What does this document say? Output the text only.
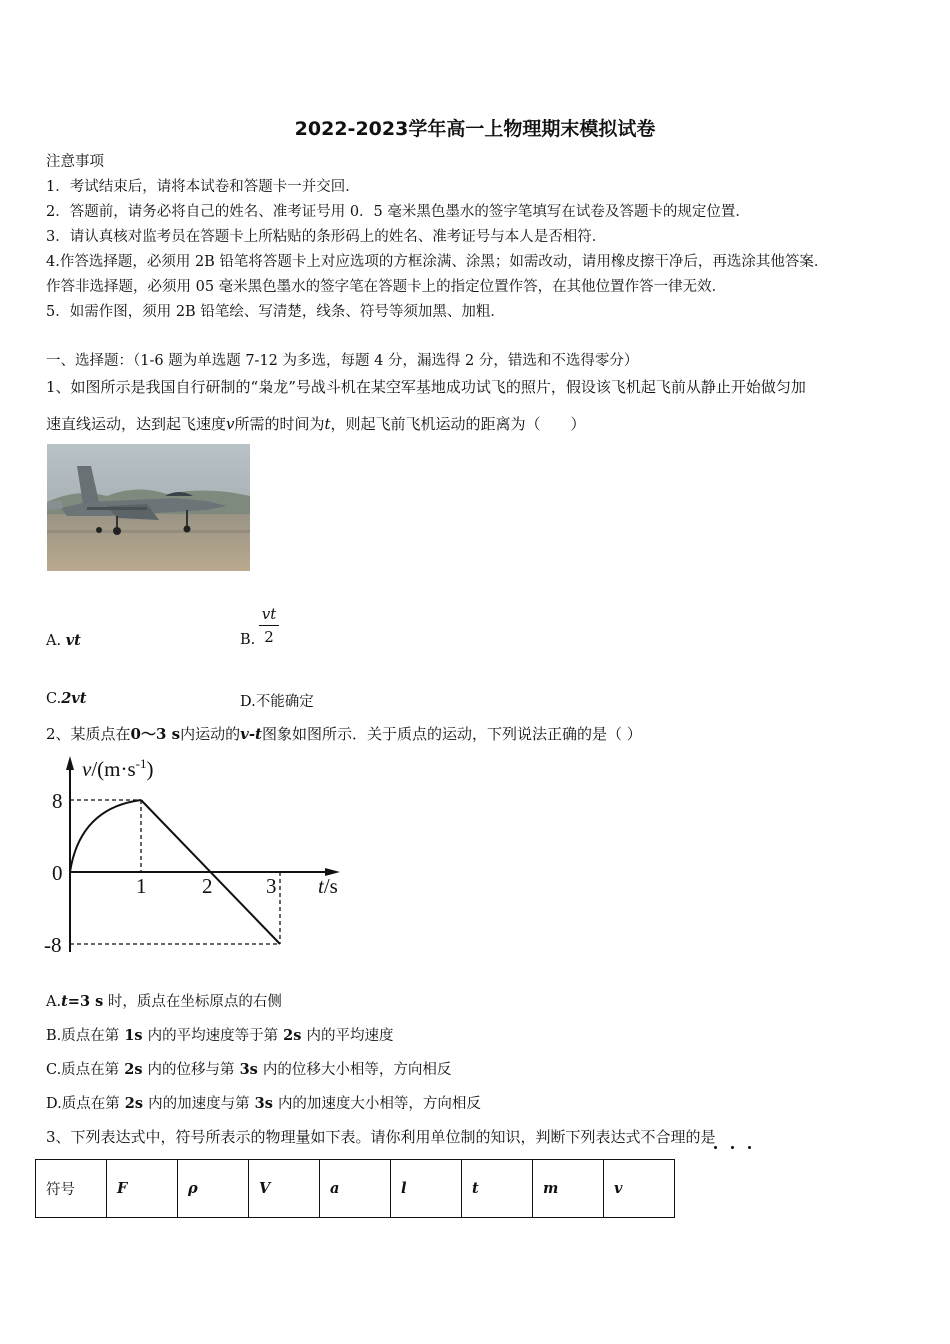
2022-2023学年高一上物理期末模拟试卷
注意事项
1．考试结束后，请将本试卷和答题卡一并交回．
2．答题前，请务必将自己的姓名、准考证号用 0．5 毫米黑色墨水的签字笔填写在试卷及答题卡的规定位置．
3．请认真核对监考员在答题卡上所粘贴的条形码上的姓名、准考证号与本人是否相符．
4.作答选择题，必须用 2B 铅笔将答题卡上对应选项的方框涂满、涂黑；如需改动，请用橡皮擦干净后，再选涂其他答案．
作答非选择题，必须用 05 毫米黑色墨水的签字笔在答题卡上的指定位置作答，在其他位置作答一律无效．
5．如需作图，须用 2B 铅笔绘、写清楚，线条、符号等须加黑、加粗．
一、选择题：（1-6 题为单选题 7-12 为多选，每题 4 分，漏选得 2 分，错选和不选得零分）
1、如图所示是我国自行研制的“枭龙”号战斗机在某空军基地成功试飞的照片，假设该飞机起飞前从静止开始做匀加
速直线运动，达到起飞速度v所需的时间为t，则起飞前飞机运动的距离为（　　）
A. vt	B. $\frac{vt}{2}$
C.2vt	D.不能确定
2、某质点在0～3 s内运动的v-t图象如图所示．关于质点的运动，下列说法正确的是（ ）
8
0
-8
1	2	3
$v/(m\cdot s^{-1})$
t/s
A.t=3 s 时，质点在坐标原点的右侧
B.质点在第 1s 内的平均速度等于第 2s 内的平均速度
C.质点在第 2s 内的位移与第 3s 内的位移大小相等，方向相反
D.质点在第 2s 内的加速度与第 3s 内的加速度大小相等，方向相反
3、下列表达式中，符号所表示的物理量如下表。请你利用单位制的知识，判断下列表达式不合理的是
符号	F	ρ	V	a	l	t	m	v
